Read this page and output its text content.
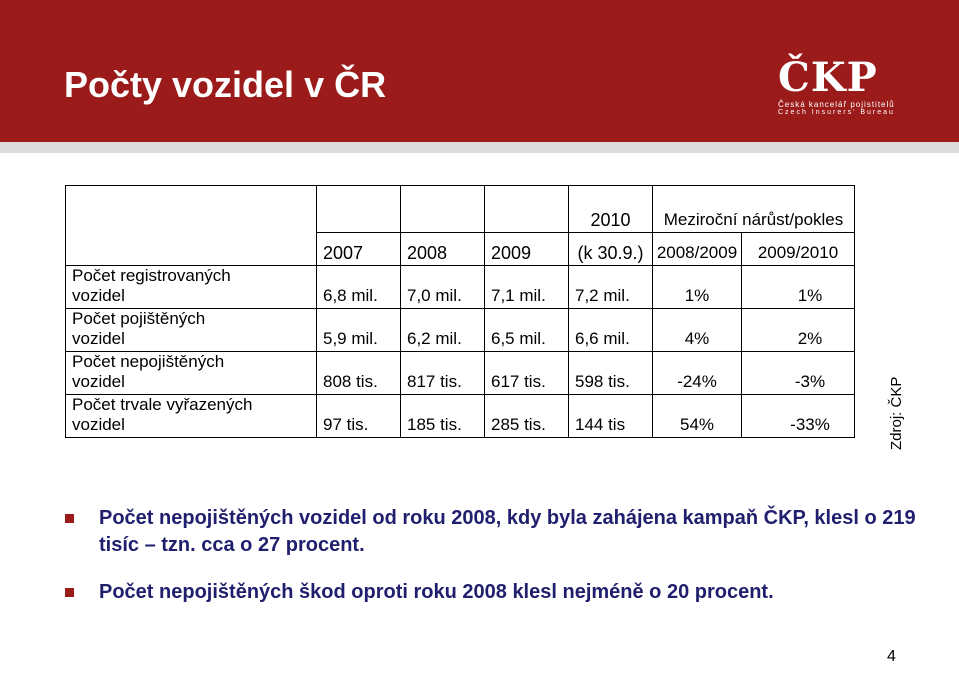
Počty vozidel v ČR	ČKP
Česká kancelář pojistitelů
Czech Insurers' Bureau
				2010	Meziroční nárůst/pokles	
	2007	2008	2009	(k 30.9.)	2008/2009	2009/2010
Počet registrovaných
vozidel	6,8 mil.	7,0 mil.	7,1 mil.	7,2 mil.	1%	1%
Počet pojištěných
vozidel	5,9 mil.	6,2 mil.	6,5 mil.	6,6 mil.	4%	2%
Počet nepojištěných
vozidel	808 tis.	817 tis.	617 tis.	598 tis.	-24%	-3%
Počet trvale vyřazených
vozidel	97 tis.	185 tis.	285 tis.	144 tis	54%	-33%	Zdroj: ČKP
Počet nepojištěných vozidel od roku 2008, kdy byla zahájena kampaň ČKP, klesl o 219 tisíc – tzn. cca o 27 procent.
Počet nepojištěných škod oproti roku 2008 klesl nejméně o 20 procent.
4
